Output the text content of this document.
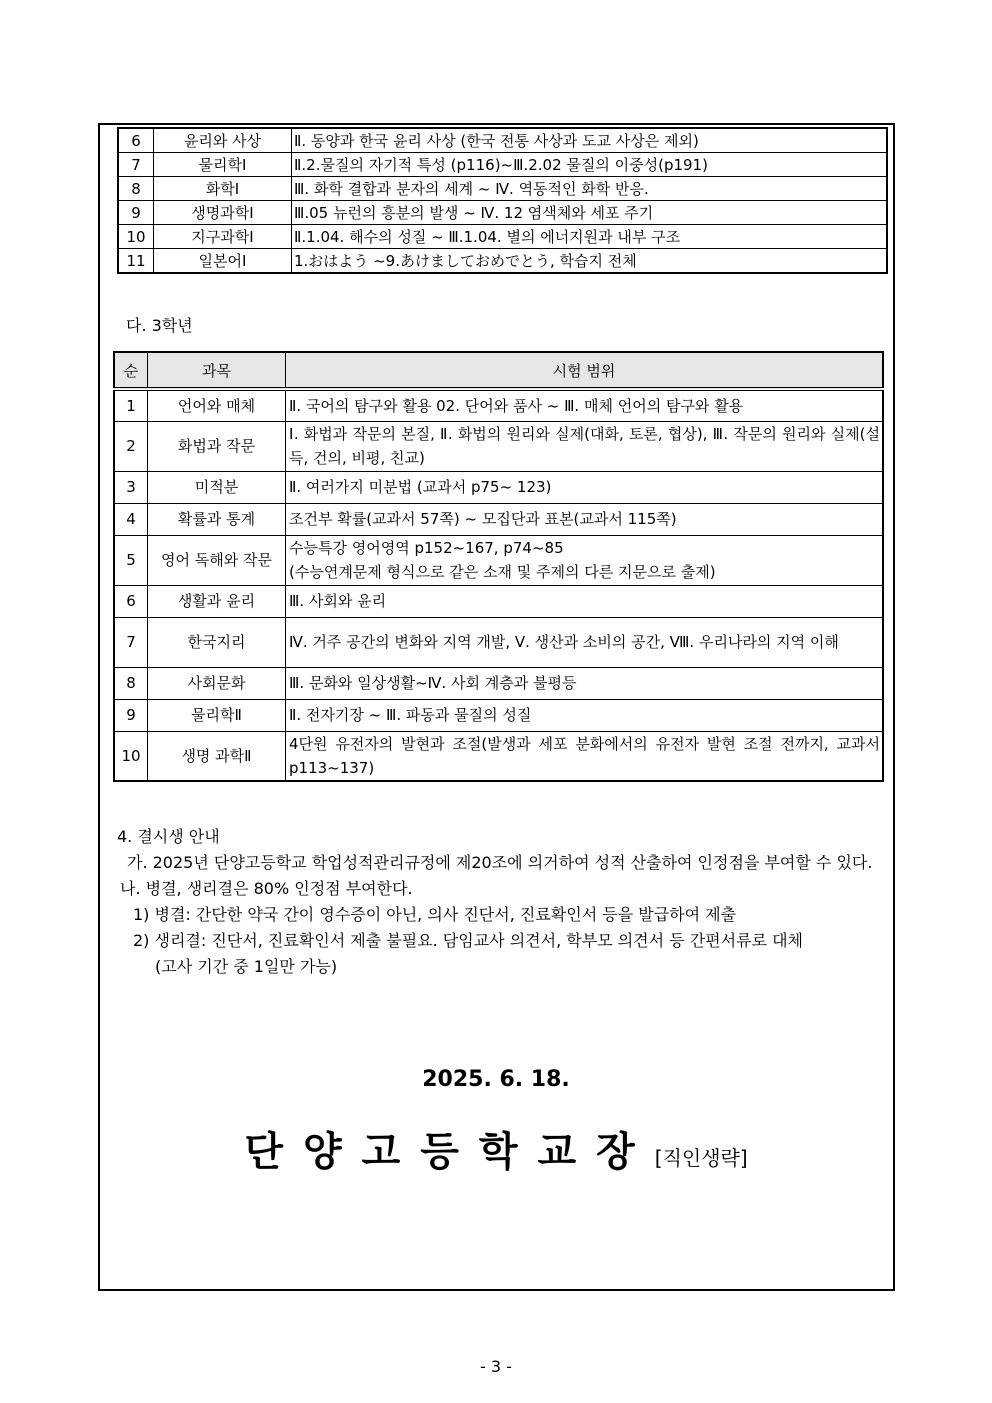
6	윤리와 사상	Ⅱ. 동양과 한국 윤리 사상 (한국 전통 사상과 도교 사상은 제외)
7	물리학Ⅰ	Ⅱ.2.물질의 자기적 특성 (p116)~Ⅲ.2.02 물질의 이중성(p191)
8	화학Ⅰ	Ⅲ. 화학 결합과 분자의 세계 ~ Ⅳ. 역동적인 화학 반응.
9	생명과학Ⅰ	Ⅲ.05 뉴런의 흥분의 발생 ~ Ⅳ. 12 염색체와 세포 주기
10	지구과학Ⅰ	Ⅱ.1.04. 해수의 성질 ~ Ⅲ.1.04. 별의 에너지원과 내부 구조
11	일본어Ⅰ	1.おはよう ~9.あけましておめでとう, 학습지 전체
다. 3학년
순	과목	시험 범위
1	언어와 매체	Ⅱ. 국어의 탐구와 활용 02. 단어와 품사 ~ Ⅲ. 매체 언어의 탐구와 활용
2	화법과 작문	Ⅰ. 화법과 작문의 본질, Ⅱ. 화법의 원리와 실제(대화, 토론, 협상), Ⅲ. 작문의 원리와 실제(설득, 건의, 비평, 친교)
3	미적분	Ⅱ. 여러가지 미분법 (교과서 p75~ 123)
4	확률과 통계	조건부 확률(교과서 57쪽) ~ 모집단과 표본(교과서 115쪽)
5	영어 독해와 작문	수능특강 영어영역 p152~167, p74~85
(수능연계문제 형식으로 같은 소재 및 주제의 다른 지문으로 출제)

6	생활과 윤리	Ⅲ. 사회와 윤리
7	한국지리	Ⅳ. 거주 공간의 변화와 지역 개발, Ⅴ. 생산과 소비의 공간, Ⅷ. 우리나라의 지역 이해
8	사회문화	Ⅲ. 문화와 일상생활~Ⅳ. 사회 계층과 불평등
9	물리학Ⅱ	Ⅱ. 전자기장 ~ Ⅲ. 파동과 물질의 성질
10	생명 과학Ⅱ	4단원 유전자의 발현과 조절(발생과 세포 분화에서의 유전자 발현 조절 전까지, 교과서 p113~137)

4. 결시생 안내

가. 2025년 단양고등학교 학업성적관리규정에 제20조에 의거하여 성적 산출하여 인정점을 부여할 수 있다.

나. 병결, 생리결은 80% 인정점 부여한다.

1) 병결: 간단한 약국 간이 영수증이 아닌, 의사 진단서, 진료확인서 등을 발급하여 제출

2) 생리결: 진단서, 진료확인서 제출 불필요. 담임교사 의견서, 학부모 의견서 등 간편서류로 대체

(고사 기간 중 1일만 가능)

2025. 6. 18.
단양고등학교장[직인생략]
- 3 -
